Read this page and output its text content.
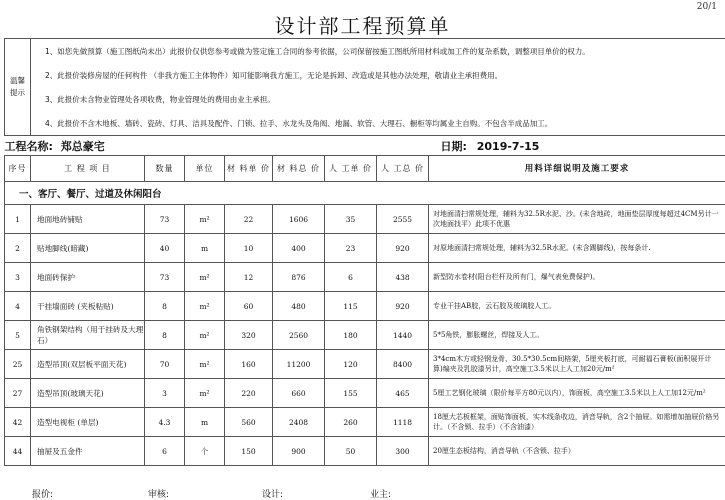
20/1
设计部工程预算单
温馨提示	
1、如您先做预算（施工图纸尚未出）此报价仅供您参考或做为签定施工合同的参考依据，公司保留按施工图纸所用材料或加工件的复杂系数，调整项目单价的权力。
2、此报价装修房屋的任何构件 （非我方施工主体物件）知可能影响我方施工，无论是拆卸、改造或是其他办法处理，敬请业主承担费用。
3、此报价未含物业管理处各项收费，物业管理处的费用由业主承担。
4、此报价不含木地板、墙砖、瓷砖、灯具、洁具及配件、门锁、拉手、水龙头及角阀、地漏、软管、大理石、橱柜等均属业主自购。不包含半成品加工。

工程名称: 郑总豪宅		日期: 2019-7-15
序号	工 程 项 目	数量	单位	材 料单 价	材 料总 价	人 工单 价	人 工总 价	用料详细说明及施工要求
一、客厅、餐厅、过道及休闲阳台
1	地面地砖铺贴	73	m²	22	1606	35	2555	对地面清扫常规处理，辅料为32.5R水泥、沙。(未含地砖，地面垫层厚度每超过4CM另计一次地面找平）此项不优惠
2	贴地脚线(暗藏)	40	m	10	400	23	920	对原地面清扫常规处理，辅料为32.5R水泥。(未含踢脚线)，按每条计.
3	地面砖保护	73	m²	12	876	6	438	新型防水卷材(阳台栏杆及所有门，爆气表免费保护)。
4	干挂墙面砖 (夹板粘贴)	8	m²	60	480	115	920	专业干挂AB胶，云石胶及玻璃胶人工。
5	角铁钢架结构（用于挂砖及大理石）	8	m²	320	2560	180	1440	5*5角铁，膨胀螺丝，焊接及人工。
25	造型吊顶(双层板平面天花)	70	m²	160	11200	120	8400	3*4cm木方或轻钢龙骨、30.5*30.5cm间格架，5厘夹板打底，可耐福石膏板(面积展开计算)编夹及乳胶漆另计，高空施工3.5米以上人工加20元/m²
27	造型吊顶(玻璃天花)	3	m²	220	660	155	465	5厘工艺钢化玻璃（限价每平方80元以内），饰面板，高空施工3.5米以上人工加12元/m²
42	造型电视柜 (单层)	4.3	m	560	2408	260	1118	18厘大芯板框架，面贴饰面板，实木线条收边，消音导轨，含2个抽屉。如需增加抽屉价格另计。（不含锁、拉手）（不含油漆）
44	抽屉及五金件	6	个	150	900	50	300	20厘生态板结构，消音导轨（不含锁、拉手）
报价:	审核:	设计:	业主:
